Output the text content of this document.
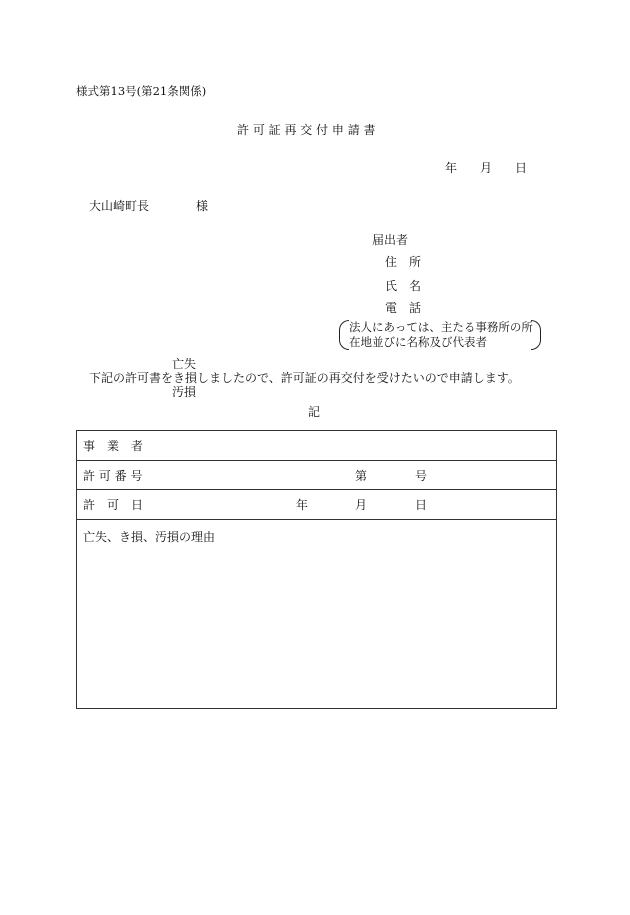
様式第13号(第21条関係)
許 可 証 再 交 付 申 請 書
年 月 日
大山崎町長	様
届出者
住　所
氏　名
電　話
法人にあっては、主たる事務所の所
在地並びに名称及び代表者
亡失
下記の許可書をき損しましたので、許可証の再交付を受けたいので申請します。
汚損
記
事　業　者
許 可 番 号	第	号
許　可　日	年	月	日
亡失、き損、汚損の理由
